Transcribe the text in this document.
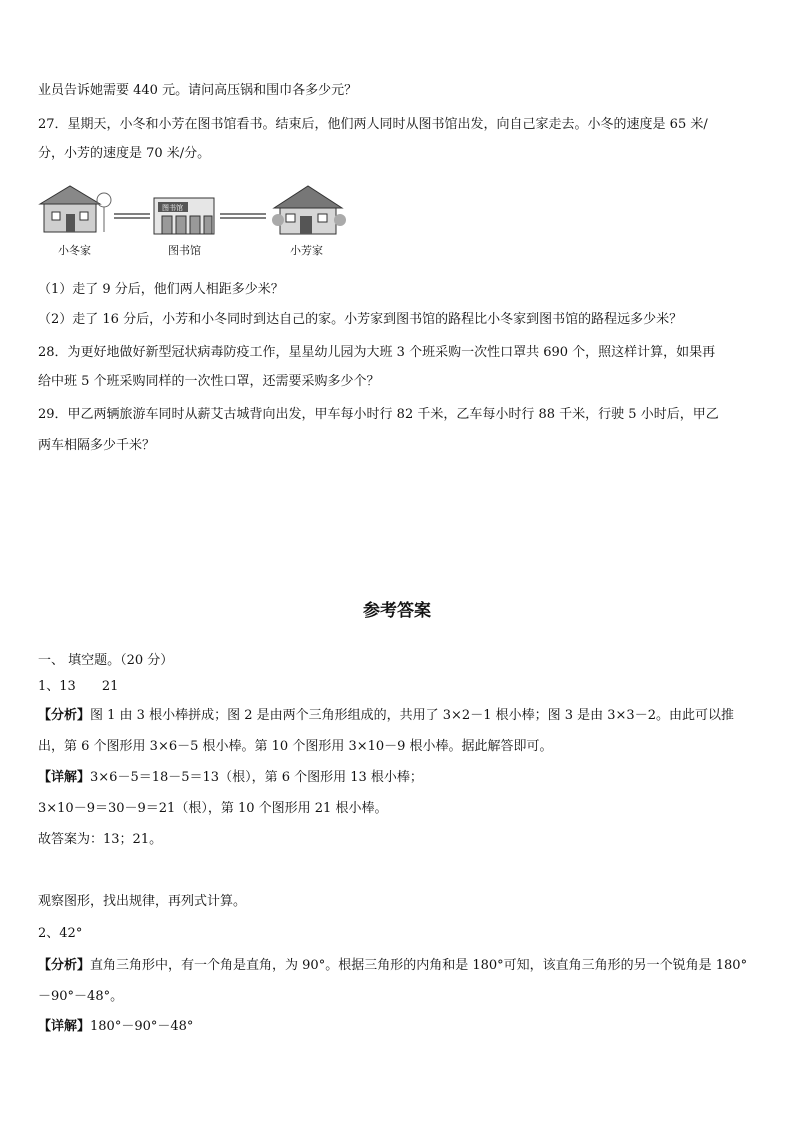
业员告诉她需要 440 元。请问高压锅和围巾各多少元？
27．星期天，小冬和小芳在图书馆看书。结束后，他们两人同时从图书馆出发，向自己家走去。小冬的速度是 65 米/
分，小芳的速度是 70 米/分。
图书馆
小冬家	图书馆	小芳家
（1）走了 9 分后，他们两人相距多少米？
（2）走了 16 分后，小芳和小冬同时到达自己的家。小芳家到图书馆的路程比小冬家到图书馆的路程远多少米？
28．为更好地做好新型冠状病毒防疫工作，星星幼儿园为大班 3 个班采购一次性口罩共 690 个，照这样计算，如果再
给中班 5 个班采购同样的一次性口罩，还需要采购多少个？
29．甲乙两辆旅游车同时从薪艾古城背向出发，甲车每小时行 82 千米，乙车每小时行 88 千米，行驶 5 小时后，甲乙
两车相隔多少千米？
参考答案
一、 填空题。（20 分）
1、13　　21
【分析】图 1 由 3 根小棒拼成；图 2 是由两个三角形组成的，共用了 3×2－1 根小棒；图 3 是由 3×3－2。由此可以推
出，第 6 个图形用 3×6－5 根小棒。第 10 个图形用 3×10－9 根小棒。据此解答即可。
【详解】3×6－5＝18－5＝13（根），第 6 个图形用 13 根小棒；
3×10－9＝30－9＝21（根），第 10 个图形用 21 根小棒。
故答案为：13；21。
观察图形，找出规律，再列式计算。
2、42°
【分析】直角三角形中，有一个角是直角，为 90°。根据三角形的内角和是 180°可知，该直角三角形的另一个锐角是 180°
－90°－48°。
【详解】180°－90°－48°
